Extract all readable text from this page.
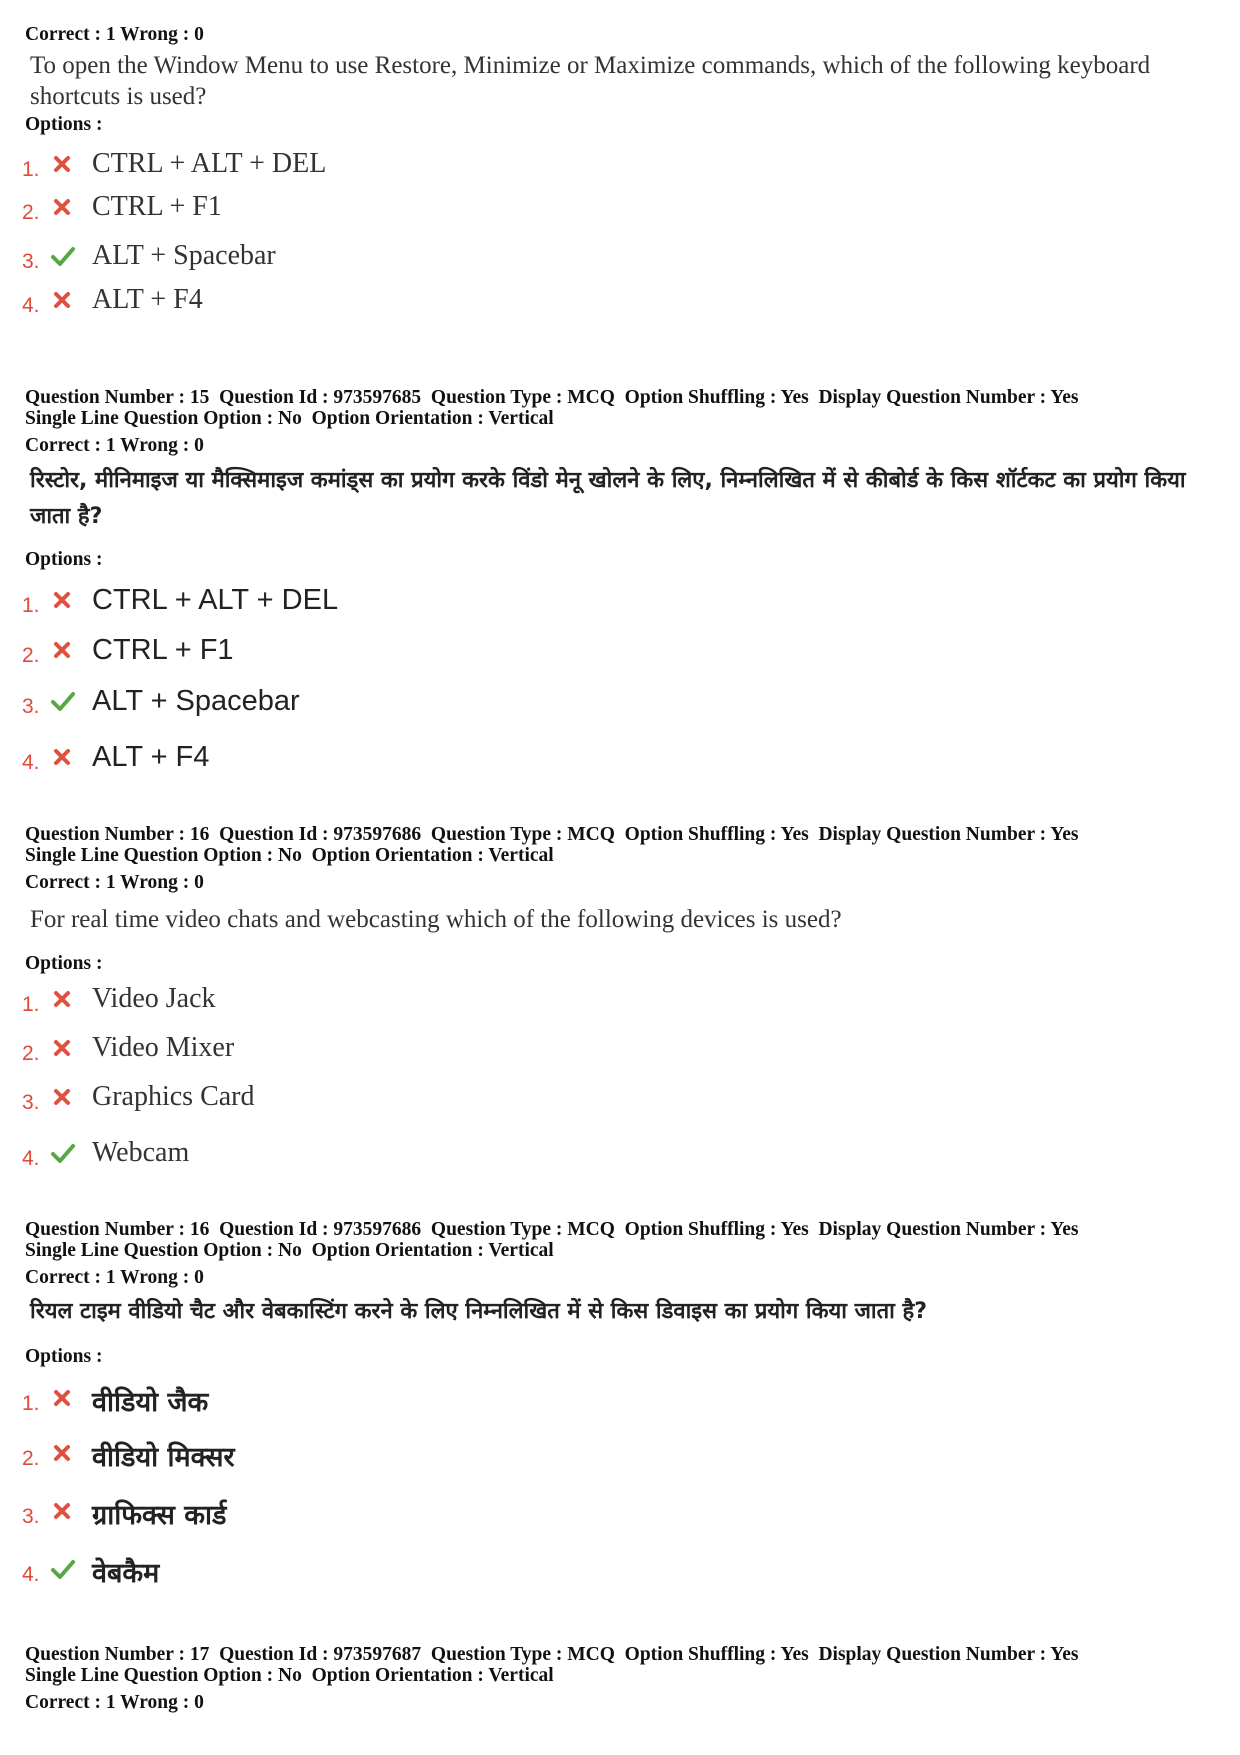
Correct : 1 Wrong : 0
To open the Window Menu to use Restore, Minimize or Maximize commands, which of the following keyboard shortcuts is used?
Options :
1. CTRL + ALT + DEL
2. CTRL + F1
3. ALT + Spacebar
4. ALT + F4
Question Number : 15  Question Id : 973597685  Question Type : MCQ  Option Shuffling : Yes  Display Question Number : Yes
Single Line Question Option : No  Option Orientation : Vertical
Correct : 1 Wrong : 0
रिस्टोर, मीनिमाइज या मैक्सिमाइज कमांड्स का प्रयोग करके विंडो मेनू खोलने के लिए, निम्नलिखित में से कीबोर्ड के किस शॉर्टकट का प्रयोग किया जाता है?
Options :
1. CTRL + ALT + DEL
2. CTRL + F1
3. ALT + Spacebar
4. ALT + F4
Question Number : 16  Question Id : 973597686  Question Type : MCQ  Option Shuffling : Yes  Display Question Number : Yes
Single Line Question Option : No  Option Orientation : Vertical
Correct : 1 Wrong : 0
For real time video chats and webcasting which of the following devices is used?
Options :
1. Video Jack
2. Video Mixer
3. Graphics Card
4. Webcam
Question Number : 16  Question Id : 973597686  Question Type : MCQ  Option Shuffling : Yes  Display Question Number : Yes
Single Line Question Option : No  Option Orientation : Vertical
Correct : 1 Wrong : 0
रियल टाइम वीडियो चैट और वेबकास्टिंग करने के लिए निम्नलिखित में से किस डिवाइस का प्रयोग किया जाता है?
Options :
1. वीडियो जैक
2. वीडियो मिक्सर
3. ग्राफिक्स कार्ड
4. वेबकैम
Question Number : 17  Question Id : 973597687  Question Type : MCQ  Option Shuffling : Yes  Display Question Number : Yes
Single Line Question Option : No  Option Orientation : Vertical
Correct : 1 Wrong : 0
